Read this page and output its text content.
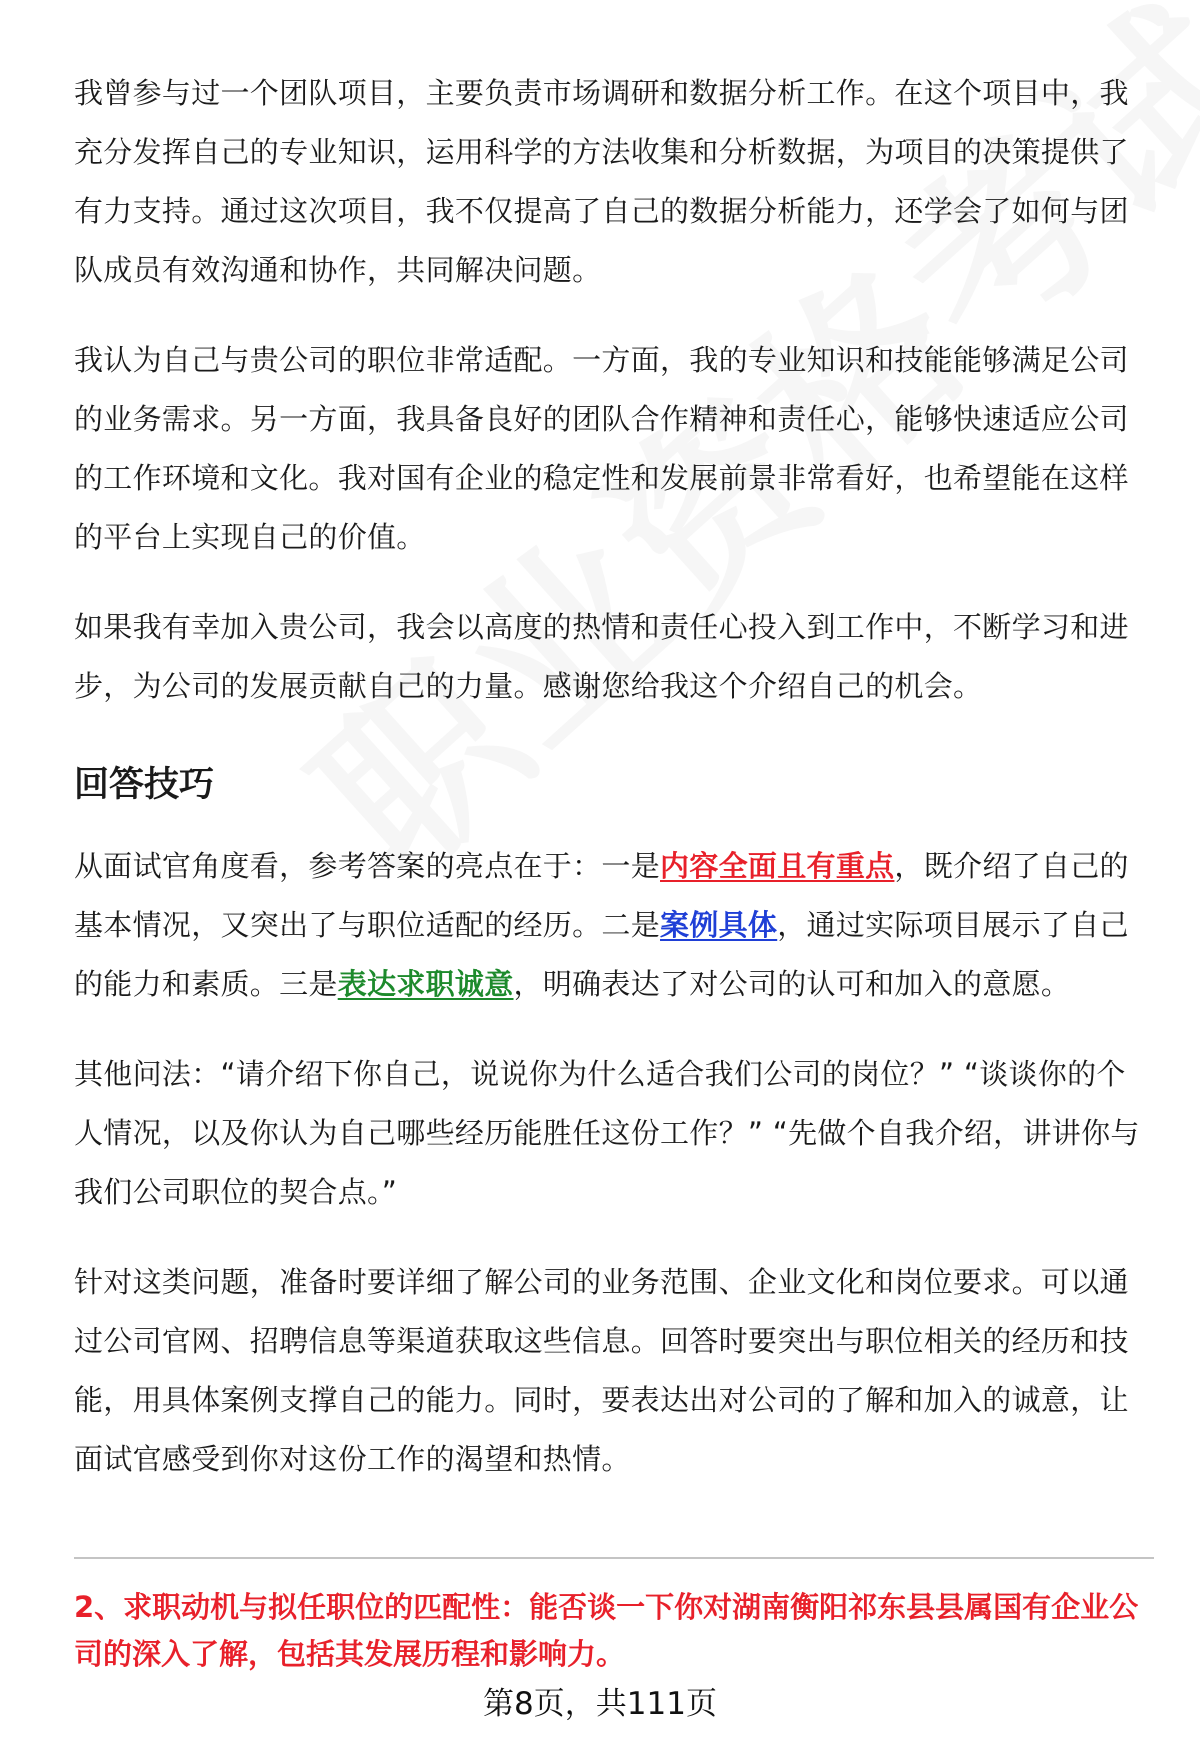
我曾参与过一个团队项目，主要负责市场调研和数据分析工作。在这个项目中，我充分发挥自己的专业知识，运用科学的方法收集和分析数据，为项目的决策提供了有力支持。通过这次项目，我不仅提高了自己的数据分析能力，还学会了如何与团队成员有效沟通和协作，共同解决问题。

我认为自己与贵公司的职位非常适配。一方面，我的专业知识和技能能够满足公司的业务需求。另一方面，我具备良好的团队合作精神和责任心，能够快速适应公司的工作环境和文化。我对国有企业的稳定性和发展前景非常看好，也希望能在这样的平台上实现自己的价值。

如果我有幸加入贵公司，我会以高度的热情和责任心投入到工作中，不断学习和进步，为公司的发展贡献自己的力量。感谢您给我这个介绍自己的机会。

回答技巧

从面试官角度看，参考答案的亮点在于：一是内容全面且有重点，既介绍了自己的基本情况，又突出了与职位适配的经历。二是案例具体，通过实际项目展示了自己的能力和素质。三是表达求职诚意，明确表达了对公司的认可和加入的意愿。

其他问法：“请介绍下你自己，说说你为什么适合我们公司的岗位？” “谈谈你的个人情况，以及你认为自己哪些经历能胜任这份工作？” “先做个自我介绍，讲讲你与我们公司职位的契合点。”

针对这类问题，准备时要详细了解公司的业务范围、企业文化和岗位要求。可以通过公司官网、招聘信息等渠道获取这些信息。回答时要突出与职位相关的经历和技能，用具体案例支撑自己的能力。同时，要表达出对公司的了解和加入的诚意，让面试官感受到你对这份工作的渴望和热情。

2、求职动机与拟任职位的匹配性：能否谈一下你对湖南衡阳祁东县县属国有企业公司的深入了解，包括其发展历程和影响力。

第8页，共111页
